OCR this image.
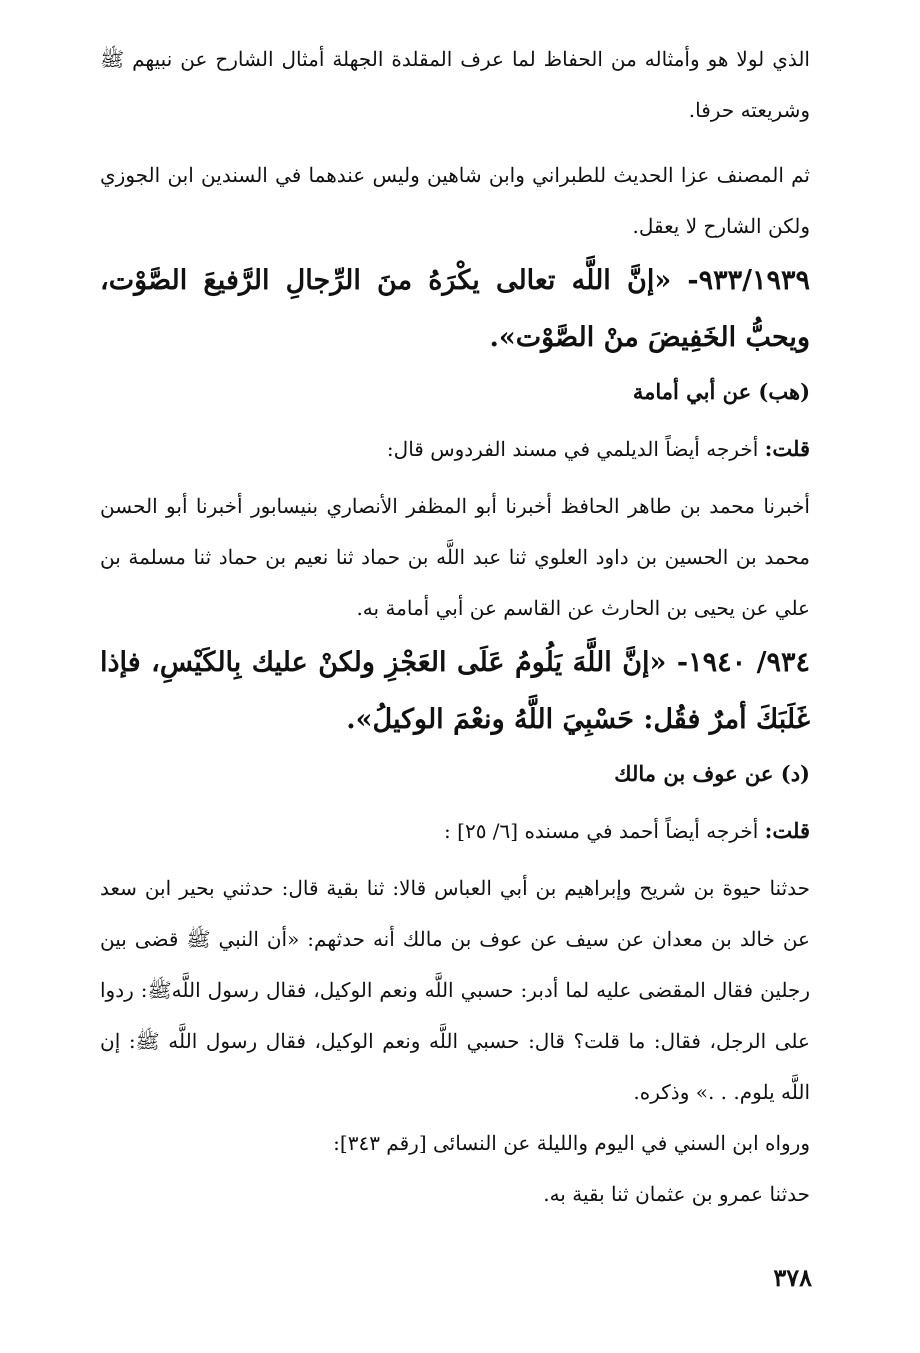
الذي لولا هو وأمثاله من الحفاظ لما عرف المقلدة الجهلة أمثال الشارح عن نبيهم ﷺ وشريعته حرفا.

ثم المصنف عزا الحديث للطبراني وابن شاهين وليس عندهما في السندين ابن الجوزي ولكن الشارح لا يعقل.

٩٣٣/١٩٣٩- «إنَّ اللَّه تعالى يكْرَهُ منَ الرِّجالِ الرَّفيعَ الصَّوْت، ويحبُّ الخَفِيضَ منْ الصَّوْت».

(هب) عن أبي أمامة

قلت: أخرجه أيضاً الديلمي في مسند الفردوس قال:

أخبرنا محمد بن طاهر الحافظ أخبرنا أبو المظفر الأنصاري بنيسابور أخبرنا أبو الحسن محمد بن الحسين بن داود العلوي ثنا عبد اللَّه بن حماد ثنا نعيم بن حماد ثنا مسلمة بن علي عن يحيى بن الحارث عن القاسم عن أبي أمامة به.

٩٣٤/ ١٩٤٠- «إنَّ اللَّهَ يَلُومُ عَلَى العَجْزِ ولكنْ عليك بِالكَيْسِ، فإذا غَلَبَكَ أمرٌ فقُل: حَسْبِيَ اللَّهُ ونعْمَ الوكيلُ».

(د) عن عوف بن مالك

قلت: أخرجه أيضاً أحمد في مسنده [٦/ ٢٥] :

حدثنا حيوة بن شريح وإبراهيم بن أبي العباس قالا: ثنا بقية قال: حدثني بحير ابن سعد عن خالد بن معدان عن سيف عن عوف بن مالك أنه حدثهم: «أن النبي ﷺ قضى بين رجلين فقال المقضى عليه لما أدبر: حسبي اللَّه ونعم الوكيل، فقال رسول اللَّهﷺ: ردوا على الرجل، فقال: ما قلت؟ قال: حسبي اللَّه ونعم الوكيل، فقال رسول اللَّه ﷺ: إن اللَّه يلوم. . .» وذكره.

ورواه ابن السني في اليوم والليلة عن النسائى [رقم ٣٤٣]:

حدثنا عمرو بن عثمان ثنا بقية به.

٣٧٨
